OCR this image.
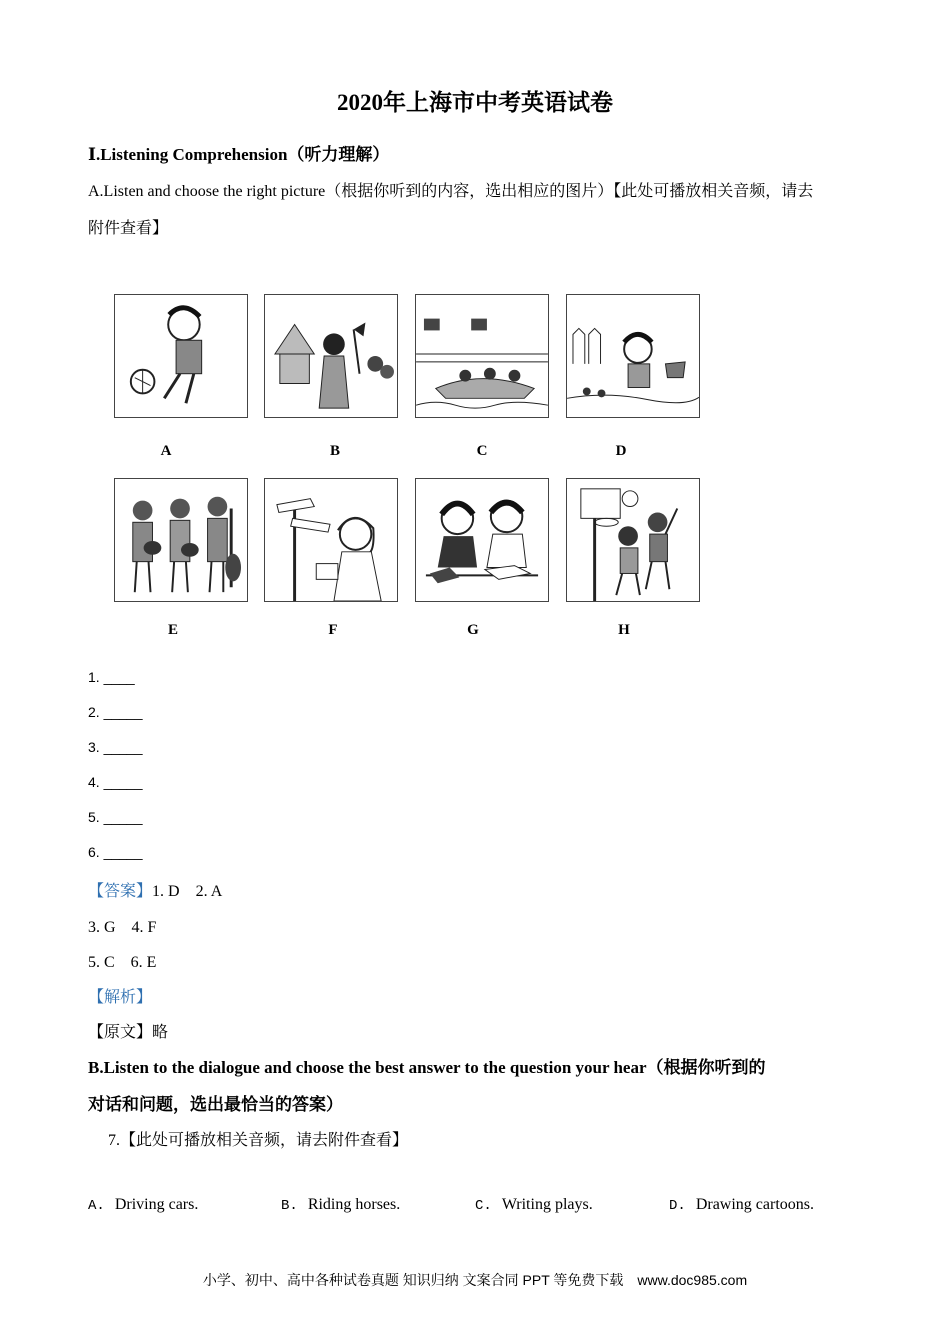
2020年上海市中考英语试卷
Ⅰ.Listening Comprehension（听力理解）
A.Listen and choose the right picture（根据你听到的内容，选出相应的图片）【此处可播放相关音频，请去
附件查看】
A	B	C	D
E	F	G	H
1. ____
2. _____
3. _____
4. _____
5. _____
6. _____
【答案】1. D　2. A
3. G　4. F
5. C　6. E
【解析】
【原文】略
B.Listen to the dialogue and choose the best answer to the question your hear（根据你听到的
对话和问题，选出最恰当的答案）
7.【此处可播放相关音频，请去附件查看】
A. Driving cars.	B. Riding horses.	C. Writing plays.	D. Drawing cartoons.
小学、初中、高中各种试卷真题 知识归纳 文案合同 PPT 等免费下载　www.doc985.com
